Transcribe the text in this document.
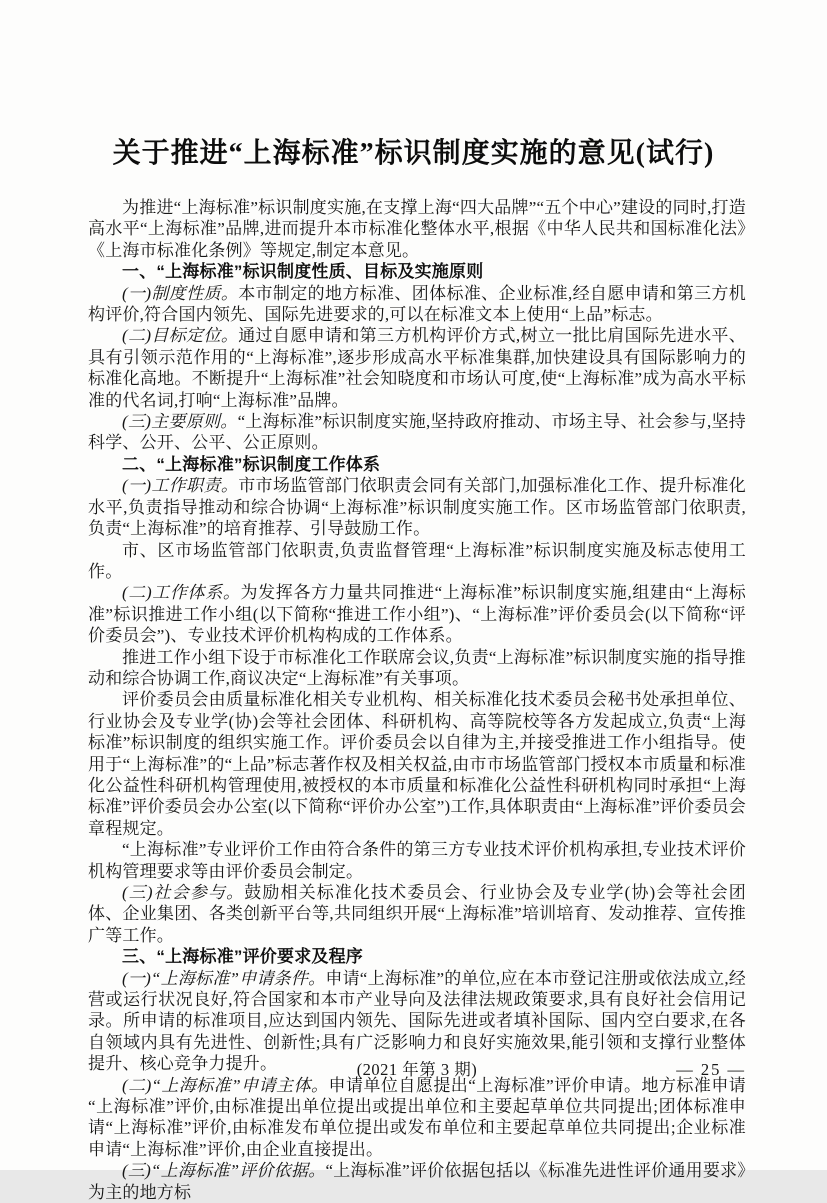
关于推进“上海标准”标识制度实施的意见(试行)

为推进“上海标准”标识制度实施,在支撑上海“四大品牌”“五个中心”建设的同时,打造高水平“上海标准”品牌,进而提升本市标准化整体水平,根据《中华人民共和国标准化法》《上海市标准化条例》等规定,制定本意见。

一、“上海标准”标识制度性质、目标及实施原则

(一)制度性质。本市制定的地方标准、团体标准、企业标准,经自愿申请和第三方机构评价,符合国内领先、国际先进要求的,可以在标准文本上使用“上品”标志。

(二)目标定位。通过自愿申请和第三方机构评价方式,树立一批比肩国际先进水平、具有引领示范作用的“上海标准”,逐步形成高水平标准集群,加快建设具有国际影响力的标准化高地。不断提升“上海标准”社会知晓度和市场认可度,使“上海标准”成为高水平标准的代名词,打响“上海标准”品牌。

(三)主要原则。“上海标准”标识制度实施,坚持政府推动、市场主导、社会参与,坚持科学、公开、公平、公正原则。

二、“上海标准”标识制度工作体系

(一)工作职责。市市场监管部门依职责会同有关部门,加强标准化工作、提升标准化水平,负责指导推动和综合协调“上海标准”标识制度实施工作。区市场监管部门依职责,负责“上海标准”的培育推荐、引导鼓励工作。

市、区市场监管部门依职责,负责监督管理“上海标准”标识制度实施及标志使用工作。

(二)工作体系。为发挥各方力量共同推进“上海标准”标识制度实施,组建由“上海标准”标识推进工作小组(以下简称“推进工作小组”)、“上海标准”评价委员会(以下简称“评价委员会”)、专业技术评价机构构成的工作体系。

推进工作小组下设于市标准化工作联席会议,负责“上海标准”标识制度实施的指导推动和综合协调工作,商议决定“上海标准”有关事项。

评价委员会由质量标准化相关专业机构、相关标准化技术委员会秘书处承担单位、行业协会及专业学(协)会等社会团体、科研机构、高等院校等各方发起成立,负责“上海标准”标识制度的组织实施工作。评价委员会以自律为主,并接受推进工作小组指导。使用于“上海标准”的“上品”标志著作权及相关权益,由市市场监管部门授权本市质量和标准化公益性科研机构管理使用,被授权的本市质量和标准化公益性科研机构同时承担“上海标准”评价委员会办公室(以下简称“评价办公室”)工作,具体职责由“上海标准”评价委员会章程规定。

“上海标准”专业评价工作由符合条件的第三方专业技术评价机构承担,专业技术评价机构管理要求等由评价委员会制定。

(三)社会参与。鼓励相关标准化技术委员会、行业协会及专业学(协)会等社会团体、企业集团、各类创新平台等,共同组织开展“上海标准”培训培育、发动推荐、宣传推广等工作。

三、“上海标准”评价要求及程序

(一)“上海标准”申请条件。申请“上海标准”的单位,应在本市登记注册或依法成立,经营或运行状况良好,符合国家和本市产业导向及法律法规政策要求,具有良好社会信用记录。所申请的标准项目,应达到国内领先、国际先进或者填补国际、国内空白要求,在各自领域内具有先进性、创新性;具有广泛影响力和良好实施效果,能引领和支撑行业整体提升、核心竞争力提升。

(二)“上海标准”申请主体。申请单位自愿提出“上海标准”评价申请。地方标准申请“上海标准”评价,由标准提出单位提出或提出单位和主要起草单位共同提出;团体标准申请“上海标准”评价,由标准发布单位提出或发布单位和主要起草单位共同提出;企业标准申请“上海标准”评价,由企业直接提出。

(三)“上海标准”评价依据。“上海标准”评价依据包括以《标准先进性评价通用要求》为主的地方标

(2021 年第 3 期)	— 25 —
